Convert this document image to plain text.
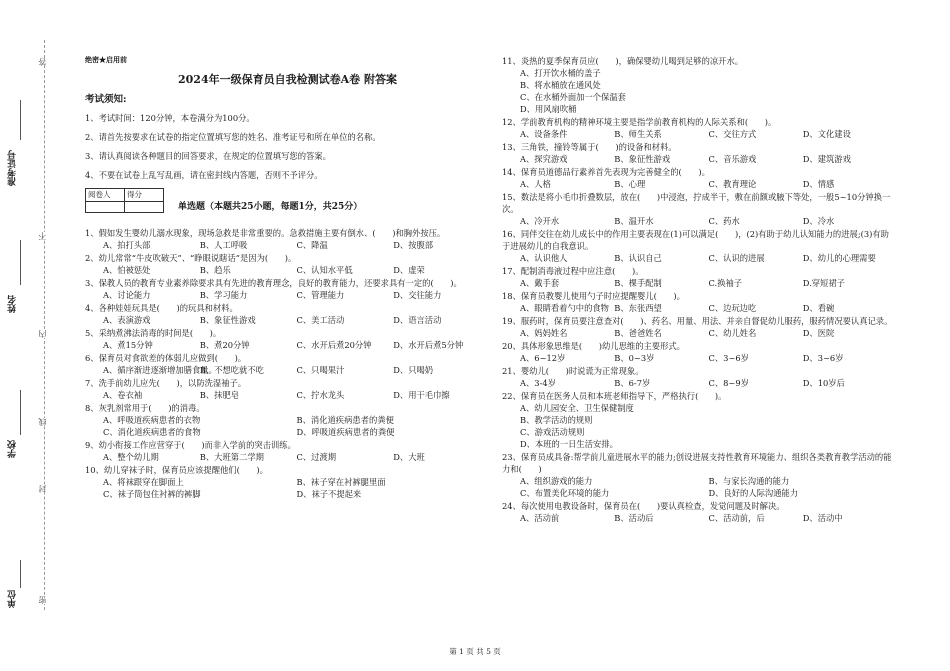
答
不
内
线
封
密
准考证号
姓名
学校
单位
绝密★启用前
2024年一级保育员自我检测试卷A卷 附答案
考试须知:

1、考试时间：120分钟，本卷满分为100分。

2、请首先按要求在试卷的指定位置填写您的姓名、准考证号和所在单位的名称。

3、请认真阅读各种题目的回答要求，在规定的位置填写您的答案。

4、不要在试卷上乱写乱画，请在密封线内答题，否则不予评分。

阅卷人	得分

单选题（本题共25小题，每题1分，共25分）
1、假如发生婴幼儿溺水现象，现场急救是非常重要的。急救措施主要有倒水、(　　)和胸外按压。
A、拍打头部	B、人工呼吸	C、降温	D、按腹部
2、幼儿常常“牛皮吹破天”、“睁眼说瞎话”是因为(　　)。
A、怕被惩处	B、趋乐	C、认知水平低	D、虚荣
3、保教人员的教育专业素养除要求具有先进的教育理念，良好的教育能力，还要求具有一定的(　　)。
A、讨论能力	B、学习能力	C、管理能力	D、交往能力
4、各种娃娃玩具是(　　)的玩具和材料。
A、表演游戏	B、象征性游戏	C、美工活动	D、语言活动
5、采纳煮沸法消毒的时间是(　　)。
A、煮15分钟	B、煮20分钟	C、水开后煮20分钟	D、水开后煮5分钟
6、保育员对食欲差的体弱儿应做到(　　)。
A、循序渐进逐渐增加膳食量。
B、不想吃就不吃	C、只喝果汁	D、只喝奶
7、洗手前幼儿应先(　　)，以防洗湿袖子。
A、卷衣袖	B、抹肥皂	C、拧水龙头	D、用干毛巾擦
8、灰乳剂常用于(　　)的消毒。
A、呼吸道疾病患者的衣物	B、消化道疾病患者的粪便
C、消化道疾病患者的食物	D、呼吸道疾病患者的粪便
9、幼小衔接工作应营穿于(　　)而非入学前的突击训练。
A、整个幼儿期	B、大班第二学期	C、过渡期	D、大班
10、幼儿穿袜子时，保育员应该提醒他们(　　)。
A、将袜跟穿在脚面上	B、袜子穿在衬裤腿里面
C、袜子筒包住衬裤的裤脚	D、袜子不提起来
11、炎热的夏季保育员应(　　)，确保婴幼儿喝到足够的凉开水。
A、打开饮水桶的盖子
B、将水桶放在通风处
C、在水桶外面加一个保温套
D、用风扇吹桶
12、学前教育机构的精神环境主要是指学前教育机构的人际关系和(　　)。
A、设备条件	B、师生关系	C、交往方式	D、文化建设
13、三角铁，撞铃等属于(　　)的设备和材料。
A、探究游戏	B、象征性游戏	C、音乐游戏	D、建筑游戏
14、保育员道德品行素养首先表现为完善健全的(　　)。
A、人格	B、心理	C、教育理论	D、情感
15、数法是将小毛巾折叠数层，放在(　　)中浸泡，拧成半干，敷在前额或腋下等处，一般5~10分钟换一次。
A、冷开水	B、温开水	C、药水	D、冷水
16、同伴交往在幼儿成长中的作用主要表现在(1)可以满足(　　)，(2)有助于幼儿认知能力的进展;(3)有助于进展幼儿的自我意识。
A、认识他人	B、认识自己	C、认识的进展	D、幼儿的心理需要
17、配制消毒液过程中应注意(　　)。
A、戴手套	B、棵手配制	C.换袖子	D.穿短裙子
18、保育员教婴儿使用勺子时应提醒婴儿(　　)。
A、眼睛看着勺中的食物 B、东张西望	C、边玩边吃	D、看碗
19、服药时，保育员要注意查对(　　)、药名、用量、用法、并亲自督促幼儿服药，服药情况要认真记录。
A、妈妈姓名	B、爸爸姓名	C、幼儿姓名	D、医院
20、具体形象思维是(　　)幼儿思维的主要形式。
A、6~12岁	B、0~3岁	C、3~6岁	D、3~6岁
21、婴幼儿(　　)时说谎为正常现象。
A、3-4岁	B、6-7岁	C、8~9岁	D、10岁后
22、保育员在医务人员和本班老师指导下，严格执行(　　)。
A、幼儿园安全、卫生保健制度
B、教学活动的规则
C、游戏活动规则
D、本班的一日生活安排。
23、保育员成具备:帮学前儿童进展水平的能力;创设进展支持性教育环境能力、组织各类教育教学活动的能力和(　　)
A、组织游戏的能力	B、与家长沟通的能力
C、布置美化环境的能力	D、良好的人际沟通能力
24、每次使用电教设备时，保育员在(　　)要认真检查，发觉问题及时解决。
A、活动前	B、活动后	C、活动前，后	D、活动中
第 1 页 共 5 页
